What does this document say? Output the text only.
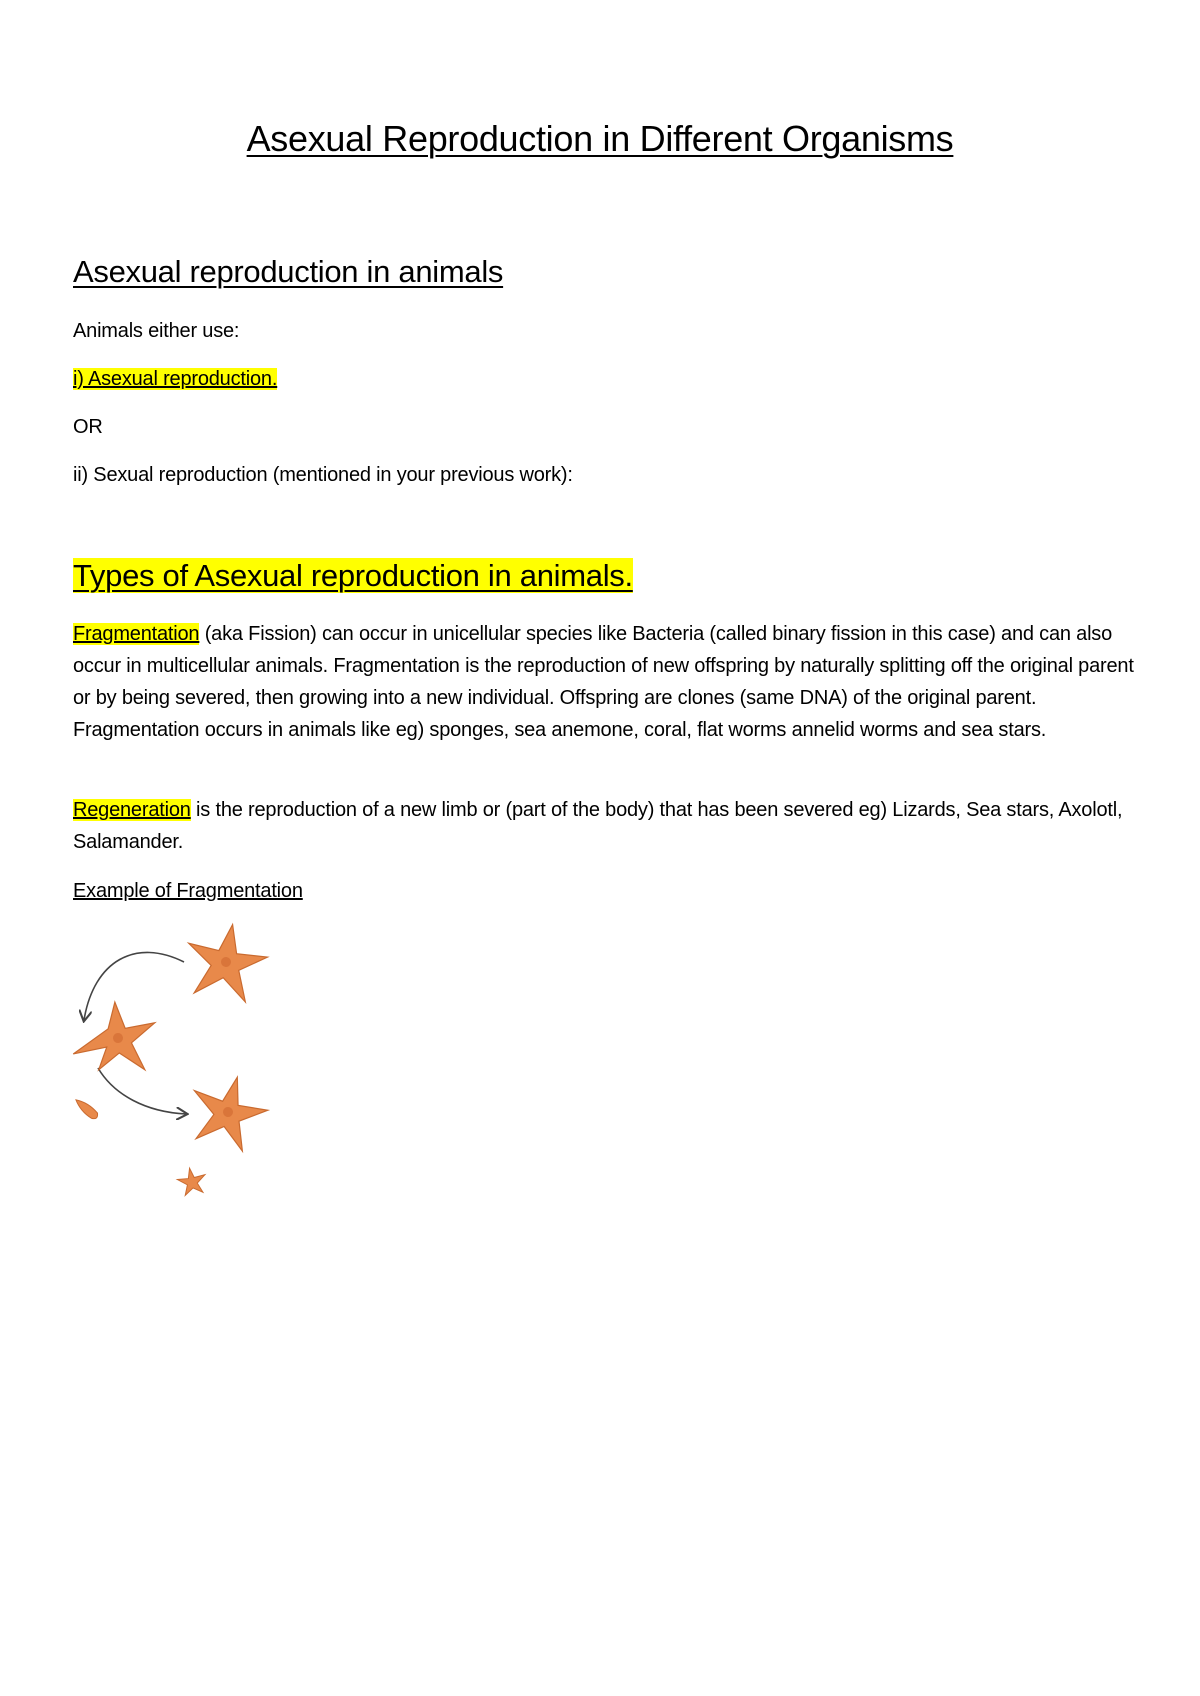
Asexual Reproduction in Different Organisms
Asexual reproduction in animals
Animals either use:
i) Asexual reproduction.
OR
ii) Sexual reproduction (mentioned in your previous work):
Types of Asexual reproduction in animals.
Fragmentation (aka Fission) can occur in unicellular species like Bacteria (called binary fission in this case) and can also occur in multicellular animals. Fragmentation is the reproduction of new offspring by naturally splitting off the original parent or by being severed, then growing into a new individual. Offspring are clones (same DNA) of the original parent. Fragmentation occurs in animals like eg) sponges, sea anemone, coral, flat worms annelid worms and sea stars.
Regeneration is the reproduction of a new limb or (part of the body) that has been severed eg) Lizards, Sea stars, Axolotl, Salamander.
Example of Fragmentation
